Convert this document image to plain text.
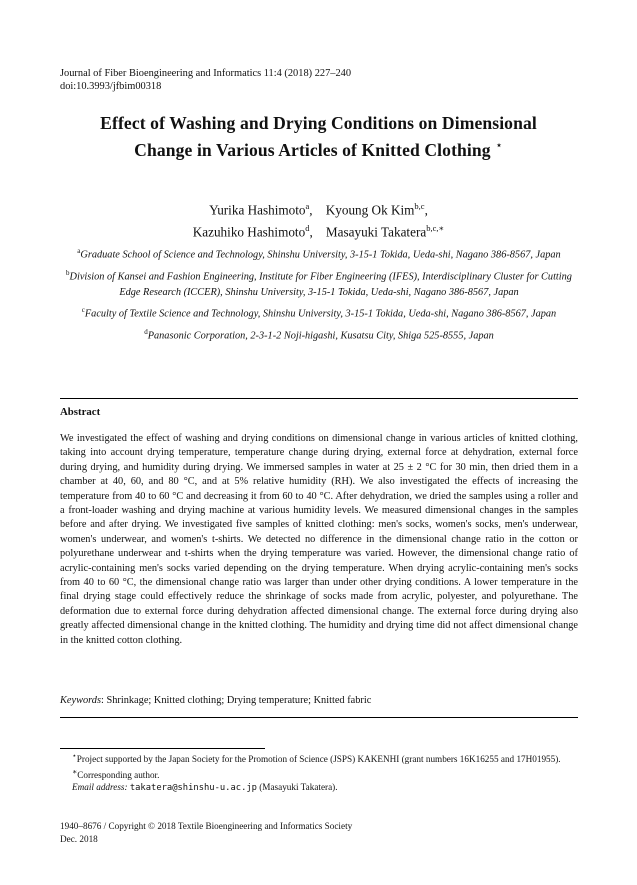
Journal of Fiber Bioengineering and Informatics 11:4 (2018) 227–240
doi:10.3993/jfbim00318
Effect of Washing and Drying Conditions on Dimensional
Change in Various Articles of Knitted Clothing ⋆
Yurika Hashimoto$^a$, Kyoung Ok Kim$^{b,c}$,
Kazuhiko Hashimoto$^d$, Masayuki Takatera$^{b,c,∗}$
$^a$Graduate School of Science and Technology, Shinshu University, 3-15-1 Tokida, Ueda-shi, Nagano 386-8567, Japan
$^b$Division of Kansei and Fashion Engineering, Institute for Fiber Engineering (IFES), Interdisciplinary Cluster for Cutting Edge Research (ICCER), Shinshu University, 3-15-1 Tokida, Ueda-shi, Nagano 386-8567, Japan
$^c$Faculty of Textile Science and Technology, Shinshu University, 3-15-1 Tokida, Ueda-shi, Nagano 386-8567, Japan
$^d$Panasonic Corporation, 2-3-1-2 Noji-higashi, Kusatsu City, Shiga 525-8555, Japan
Abstract
We investigated the effect of washing and drying conditions on dimensional change in various articles of knitted clothing, taking into account drying temperature, temperature change during drying, external force at dehydration, external force during drying, and humidity during drying. We immersed samples in water at 25 ± 2 °C for 30 min, then dried them in a chamber at 40, 60, and 80 °C, and at 5% relative humidity (RH). We also investigated the effects of increasing the temperature from 40 to 60 °C and decreasing it from 60 to 40 °C. After dehydration, we dried the samples using a roller and a front-loader washing and drying machine at various humidity levels. We measured dimensional changes in the samples before and after drying. We investigated five samples of knitted clothing: men's socks, women's socks, men's underwear, women's underwear, and women's t-shirts. We detected no difference in the dimensional change ratio in the cotton or polyurethane underwear and t-shirts when the drying temperature was varied. However, the dimensional change ratio of acrylic-containing men's socks varied depending on the drying temperature. When drying acrylic-containing men's socks from 40 to 60 °C, the dimensional change ratio was larger than under other drying conditions. A lower temperature in the final drying stage could effectively reduce the shrinkage of socks made from acrylic, polyester, and polyurethane. The deformation due to external force during dehydration affected dimensional change. The external force during drying also greatly affected dimensional change in the knitted clothing. The humidity and drying time did not affect dimensional change in the knitted cotton clothing.
Keywords: Shrinkage; Knitted clothing; Drying temperature; Knitted fabric
⋆Project supported by the Japan Society for the Promotion of Science (JSPS) KAKENHI (grant numbers 16K16255 and 17H01955).
∗Corresponding author.
Email address: takatera@shinshu-u.ac.jp (Masayuki Takatera).
1940–8676 / Copyright © 2018 Textile Bioengineering and Informatics Society
Dec. 2018
